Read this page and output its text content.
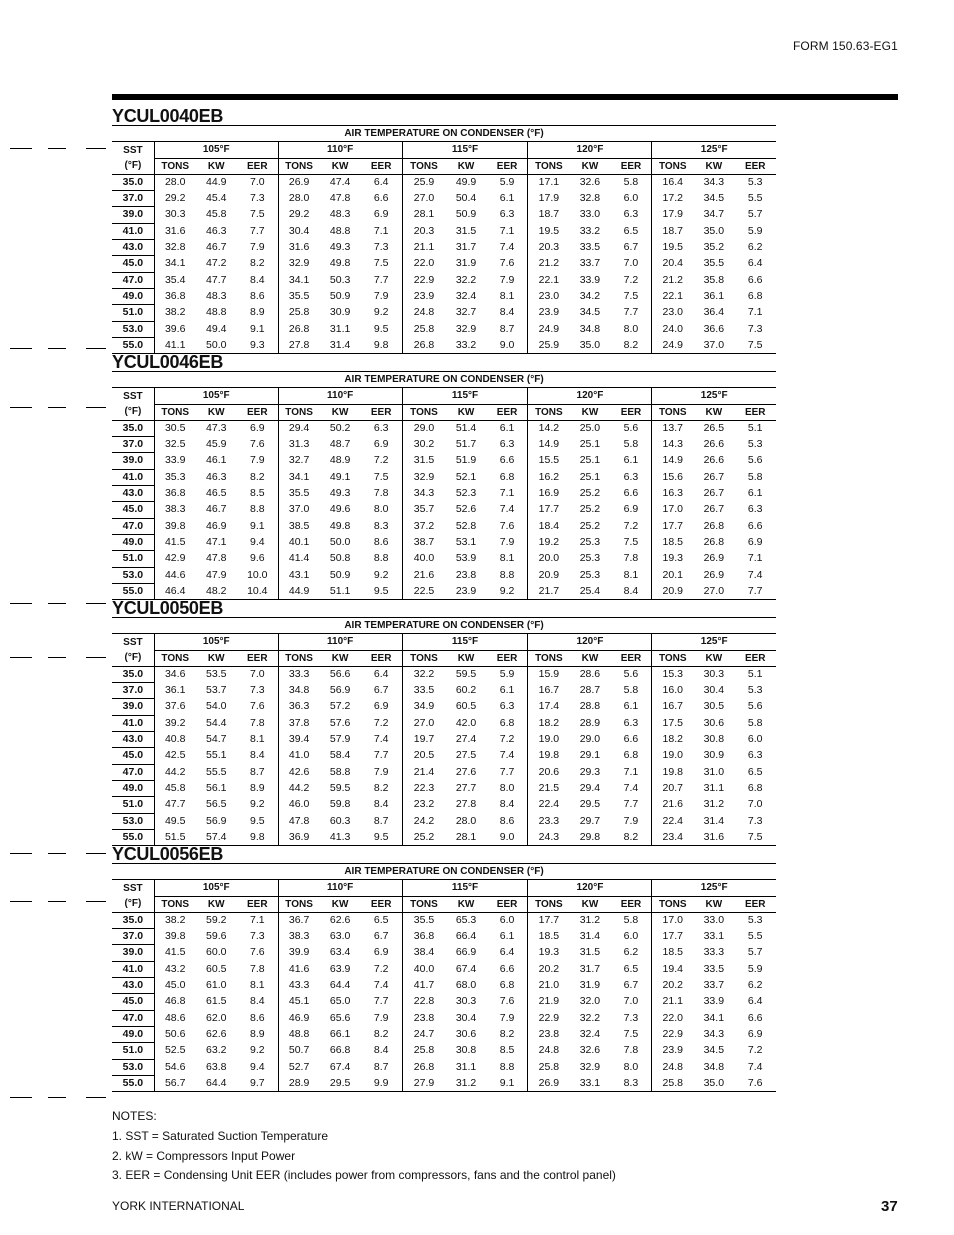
FORM 150.63-EG1
YCUL0040EB
AIR TEMPERATURE ON CONDENSER (°F)															
SST	105°F			110°F			115°F			120°F			125°F		
(°F)	TONS	KW	EER	TONS	KW	EER	TONS	KW	EER	TONS	KW	EER	TONS	KW	EER
35.0	28.0	44.9	7.0	26.9	47.4	6.4	25.9	49.9	5.9	17.1	32.6	5.8	16.4	34.3	5.3
37.0	29.2	45.4	7.3	28.0	47.8	6.6	27.0	50.4	6.1	17.9	32.8	6.0	17.2	34.5	5.5
39.0	30.3	45.8	7.5	29.2	48.3	6.9	28.1	50.9	6.3	18.7	33.0	6.3	17.9	34.7	5.7
41.0	31.6	46.3	7.7	30.4	48.8	7.1	20.3	31.5	7.1	19.5	33.2	6.5	18.7	35.0	5.9
43.0	32.8	46.7	7.9	31.6	49.3	7.3	21.1	31.7	7.4	20.3	33.5	6.7	19.5	35.2	6.2
45.0	34.1	47.2	8.2	32.9	49.8	7.5	22.0	31.9	7.6	21.2	33.7	7.0	20.4	35.5	6.4
47.0	35.4	47.7	8.4	34.1	50.3	7.7	22.9	32.2	7.9	22.1	33.9	7.2	21.2	35.8	6.6
49.0	36.8	48.3	8.6	35.5	50.9	7.9	23.9	32.4	8.1	23.0	34.2	7.5	22.1	36.1	6.8
51.0	38.2	48.8	8.9	25.8	30.9	9.2	24.8	32.7	8.4	23.9	34.5	7.7	23.0	36.4	7.1
53.0	39.6	49.4	9.1	26.8	31.1	9.5	25.8	32.9	8.7	24.9	34.8	8.0	24.0	36.6	7.3
55.0	41.1	50.0	9.3	27.8	31.4	9.8	26.8	33.2	9.0	25.9	35.0	8.2	24.9	37.0	7.5
YCUL0046EB
AIR TEMPERATURE ON CONDENSER (°F)															
SST	105°F			110°F			115°F			120°F			125°F		
(°F)	TONS	KW	EER	TONS	KW	EER	TONS	KW	EER	TONS	KW	EER	TONS	KW	EER
35.0	30.5	47.3	6.9	29.4	50.2	6.3	29.0	51.4	6.1	14.2	25.0	5.6	13.7	26.5	5.1
37.0	32.5	45.9	7.6	31.3	48.7	6.9	30.2	51.7	6.3	14.9	25.1	5.8	14.3	26.6	5.3
39.0	33.9	46.1	7.9	32.7	48.9	7.2	31.5	51.9	6.6	15.5	25.1	6.1	14.9	26.6	5.6
41.0	35.3	46.3	8.2	34.1	49.1	7.5	32.9	52.1	6.8	16.2	25.1	6.3	15.6	26.7	5.8
43.0	36.8	46.5	8.5	35.5	49.3	7.8	34.3	52.3	7.1	16.9	25.2	6.6	16.3	26.7	6.1
45.0	38.3	46.7	8.8	37.0	49.6	8.0	35.7	52.6	7.4	17.7	25.2	6.9	17.0	26.7	6.3
47.0	39.8	46.9	9.1	38.5	49.8	8.3	37.2	52.8	7.6	18.4	25.2	7.2	17.7	26.8	6.6
49.0	41.5	47.1	9.4	40.1	50.0	8.6	38.7	53.1	7.9	19.2	25.3	7.5	18.5	26.8	6.9
51.0	42.9	47.8	9.6	41.4	50.8	8.8	40.0	53.9	8.1	20.0	25.3	7.8	19.3	26.9	7.1
53.0	44.6	47.9	10.0	43.1	50.9	9.2	21.6	23.8	8.8	20.9	25.3	8.1	20.1	26.9	7.4
55.0	46.4	48.2	10.4	44.9	51.1	9.5	22.5	23.9	9.2	21.7	25.4	8.4	20.9	27.0	7.7
YCUL0050EB
AIR TEMPERATURE ON CONDENSER (°F)															
SST	105°F			110°F			115°F			120°F			125°F		
(°F)	TONS	KW	EER	TONS	KW	EER	TONS	KW	EER	TONS	KW	EER	TONS	KW	EER
35.0	34.6	53.5	7.0	33.3	56.6	6.4	32.2	59.5	5.9	15.9	28.6	5.6	15.3	30.3	5.1
37.0	36.1	53.7	7.3	34.8	56.9	6.7	33.5	60.2	6.1	16.7	28.7	5.8	16.0	30.4	5.3
39.0	37.6	54.0	7.6	36.3	57.2	6.9	34.9	60.5	6.3	17.4	28.8	6.1	16.7	30.5	5.6
41.0	39.2	54.4	7.8	37.8	57.6	7.2	27.0	42.0	6.8	18.2	28.9	6.3	17.5	30.6	5.8
43.0	40.8	54.7	8.1	39.4	57.9	7.4	19.7	27.4	7.2	19.0	29.0	6.6	18.2	30.8	6.0
45.0	42.5	55.1	8.4	41.0	58.4	7.7	20.5	27.5	7.4	19.8	29.1	6.8	19.0	30.9	6.3
47.0	44.2	55.5	8.7	42.6	58.8	7.9	21.4	27.6	7.7	20.6	29.3	7.1	19.8	31.0	6.5
49.0	45.8	56.1	8.9	44.2	59.5	8.2	22.3	27.7	8.0	21.5	29.4	7.4	20.7	31.1	6.8
51.0	47.7	56.5	9.2	46.0	59.8	8.4	23.2	27.8	8.4	22.4	29.5	7.7	21.6	31.2	7.0
53.0	49.5	56.9	9.5	47.8	60.3	8.7	24.2	28.0	8.6	23.3	29.7	7.9	22.4	31.4	7.3
55.0	51.5	57.4	9.8	36.9	41.3	9.5	25.2	28.1	9.0	24.3	29.8	8.2	23.4	31.6	7.5
YCUL0056EB
AIR TEMPERATURE ON CONDENSER (°F)															
SST	105°F			110°F			115°F			120°F			125°F		
(°F)	TONS	KW	EER	TONS	KW	EER	TONS	KW	EER	TONS	KW	EER	TONS	KW	EER
35.0	38.2	59.2	7.1	36.7	62.6	6.5	35.5	65.3	6.0	17.7	31.2	5.8	17.0	33.0	5.3
37.0	39.8	59.6	7.3	38.3	63.0	6.7	36.8	66.4	6.1	18.5	31.4	6.0	17.7	33.1	5.5
39.0	41.5	60.0	7.6	39.9	63.4	6.9	38.4	66.9	6.4	19.3	31.5	6.2	18.5	33.3	5.7
41.0	43.2	60.5	7.8	41.6	63.9	7.2	40.0	67.4	6.6	20.2	31.7	6.5	19.4	33.5	5.9
43.0	45.0	61.0	8.1	43.3	64.4	7.4	41.7	68.0	6.8	21.0	31.9	6.7	20.2	33.7	6.2
45.0	46.8	61.5	8.4	45.1	65.0	7.7	22.8	30.3	7.6	21.9	32.0	7.0	21.1	33.9	6.4
47.0	48.6	62.0	8.6	46.9	65.6	7.9	23.8	30.4	7.9	22.9	32.2	7.3	22.0	34.1	6.6
49.0	50.6	62.6	8.9	48.8	66.1	8.2	24.7	30.6	8.2	23.8	32.4	7.5	22.9	34.3	6.9
51.0	52.5	63.2	9.2	50.7	66.8	8.4	25.8	30.8	8.5	24.8	32.6	7.8	23.9	34.5	7.2
53.0	54.6	63.8	9.4	52.7	67.4	8.7	26.8	31.1	8.8	25.8	32.9	8.0	24.8	34.8	7.4
55.0	56.7	64.4	9.7	28.9	29.5	9.9	27.9	31.2	9.1	26.9	33.1	8.3	25.8	35.0	7.6
NOTES:
1. SST = Saturated Suction Temperature
2. kW = Compressors Input Power
3. EER = Condensing Unit EER (includes power from compressors, fans and the control panel)
YORK INTERNATIONAL	37
